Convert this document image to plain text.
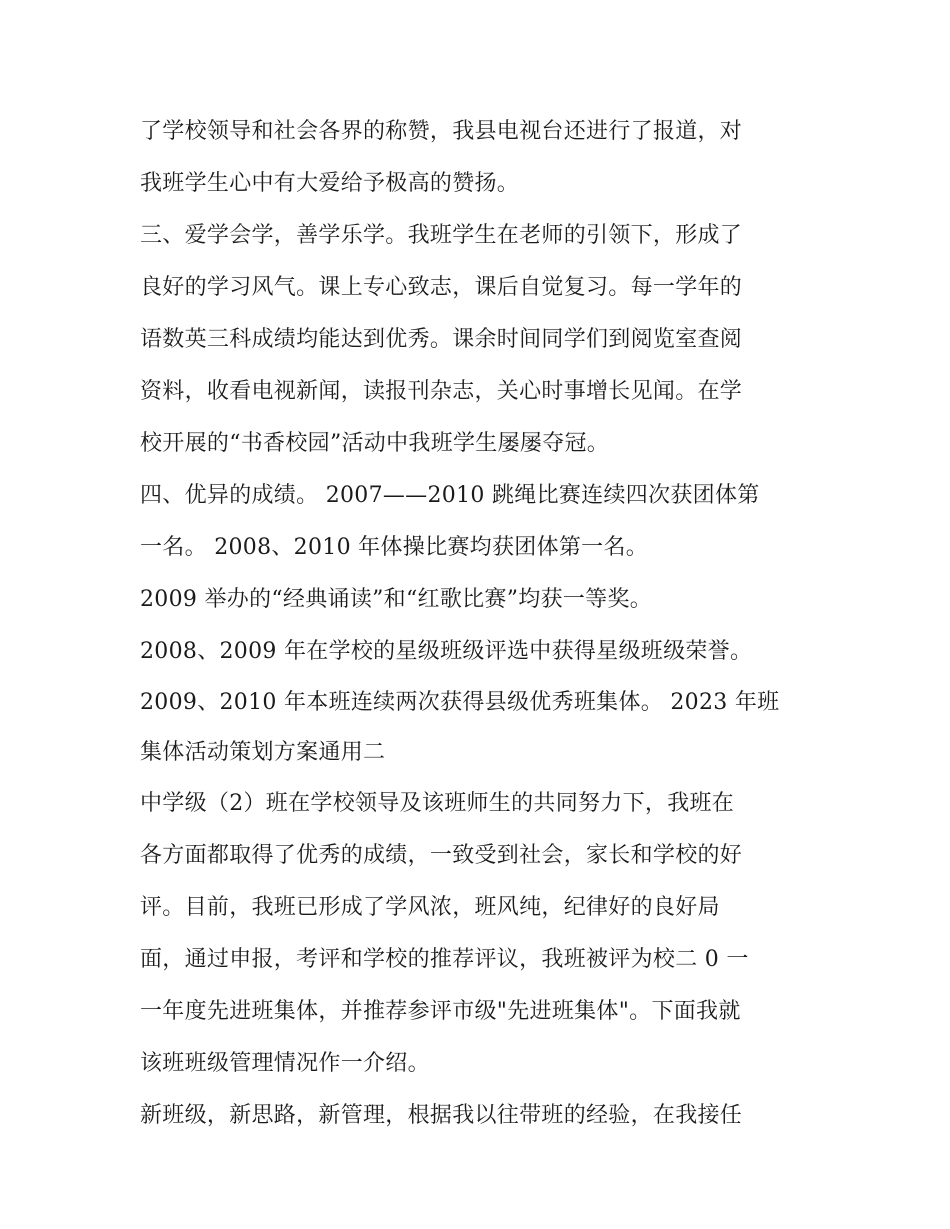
了学校领导和社会各界的称赞，我县电视台还进行了报道，对
我班学生心中有大爱给予极高的赞扬。
三、爱学会学，善学乐学。我班学生在老师的引领下，形成了
良好的学习风气。课上专心致志，课后自觉复习。每一学年的
语数英三科成绩均能达到优秀。课余时间同学们到阅览室查阅
资料，收看电视新闻，读报刊杂志，关心时事增长见闻。在学
校开展的“书香校园”活动中我班学生屡屡夺冠。
四、优异的成绩。 2007——2010 跳绳比赛连续四次获团体第
一名。 2008、2010 年体操比赛均获团体第一名。
2009 举办的“经典诵读”和“红歌比赛”均获一等奖。
2008、2009 年在学校的星级班级评选中获得星级班级荣誉。
2009、2010 年本班连续两次获得县级优秀班集体。 2023 年班
集体活动策划方案通用二
中学级（2）班在学校领导及该班师生的共同努力下，我班在
各方面都取得了优秀的成绩，一致受到社会，家长和学校的好
评。目前，我班已形成了学风浓，班风纯，纪律好的良好局
面，通过申报，考评和学校的推荐评议，我班被评为校二 0 一
一年度先进班集体，并推荐参评市级"先进班集体"。下面我就
该班班级管理情况作一介绍。
新班级，新思路，新管理，根据我以往带班的经验，在我接任
